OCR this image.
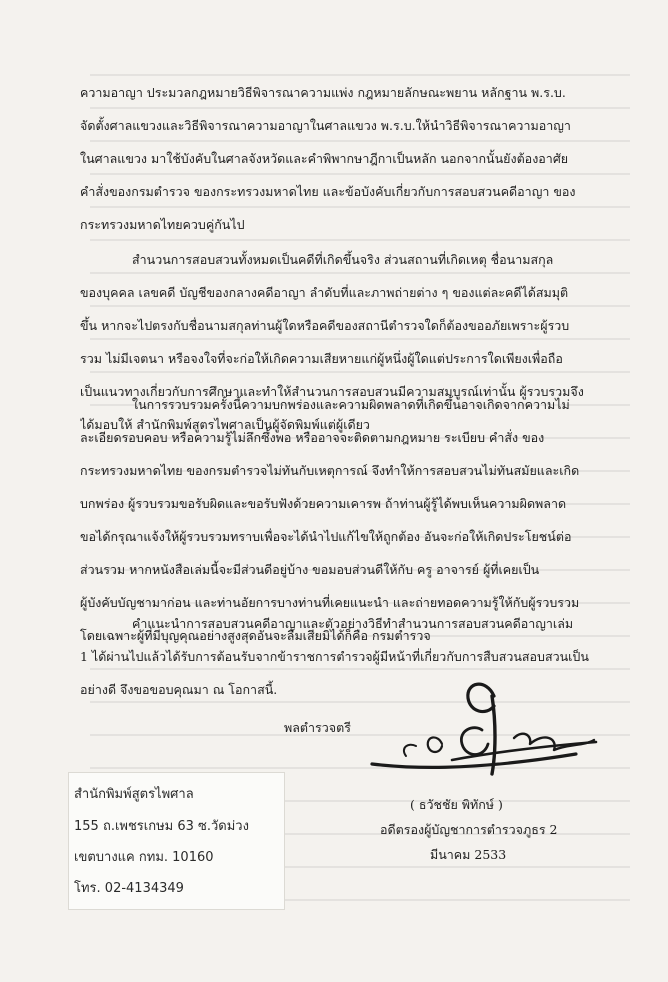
ความอาญา ประมวลกฎหมายวิธีพิจารณาความแพ่ง กฎหมายลักษณะพยาน หลักฐาน พ.ร.บ.
จัดตั้งศาลแขวงและวิธีพิจารณาความอาญาในศาลแขวง พ.ร.บ.ให้นำวิธีพิจารณาความอาญา
ในศาลแขวง มาใช้บังคับในศาลจังหวัดและคำพิพากษาฎีกาเป็นหลัก นอกจากนั้นยังต้องอาศัย
คำสั่งของกรมตำรวจ ของกระทรวงมหาดไทย และข้อบังคับเกี่ยวกับการสอบสวนคดีอาญา ของ
กระทรวงมหาดไทยควบคู่กันไป

สำนวนการสอบสวนทั้งหมดเป็นคดีที่เกิดขึ้นจริง ส่วนสถานที่เกิดเหตุ ชื่อนามสกุล
ของบุคคล เลขคดี บัญชีของกลางคดีอาญา ลำดับที่และภาพถ่ายต่าง ๆ ของแต่ละคดีได้สมมุติ
ขึ้น หากจะไปตรงกับชื่อนามสกุลท่านผู้ใดหรือคดีของสถานีตำรวจใดก็ต้องขออภัยเพราะผู้รวบ
รวม ไม่มีเจตนา หรือจงใจที่จะก่อให้เกิดความเสียหายแก่ผู้หนึ่งผู้ใดแต่ประการใดเพียงเพื่อถือ
เป็นแนวทางเกี่ยวกับการศึกษาและทำให้สำนวนการสอบสวนมีความสมบูรณ์เท่านั้น ผู้รวบรวมจึง
ได้มอบให้ สำนักพิมพ์สูตรไพศาลเป็นผู้จัดพิมพ์แต่ผู้เดียว

ในการรวบรวมครั้งนี้ความบกพร่องและความผิดพลาดที่เกิดขึ้นอาจเกิดจากความไม่
ละเอียดรอบคอบ หรือความรู้ไม่ลึกซึ้งพอ หรืออาจจะติดตามกฎหมาย ระเบียบ คำสั่ง ของ
กระทรวงมหาดไทย ของกรมตำรวจไม่ทันกับเหตุการณ์ จึงทำให้การสอบสวนไม่ทันสมัยและเกิด
บกพร่อง ผู้รวบรวมขอรับผิดและขอรับฟังด้วยความเคารพ ถ้าท่านผู้รู้ได้พบเห็นความผิดพลาด
ขอได้กรุณาแจ้งให้ผู้รวบรวมทราบเพื่อจะได้นำไปแก้ไขให้ถูกต้อง อันจะก่อให้เกิดประโยชน์ต่อ
ส่วนรวม หากหนังสือเล่มนี้จะมีส่วนดีอยู่บ้าง ขอมอบส่วนดีให้กับ ครู อาจารย์ ผู้ที่เคยเป็น
ผู้บังคับบัญชามาก่อน และท่านอัยการบางท่านที่เคยแนะนำ และถ่ายทอดความรู้ให้กับผู้รวบรวม
โดยเฉพาะผู้ที่มีบุญคุณอย่างสูงสุดอันจะลืมเสียมิได้ก็คือ กรมตำรวจ

คำแนะนำการสอบสวนคดีอาญาและตัวอย่างวิธีทำสำนวนการสอบสวนคดีอาญาเล่ม
1 ได้ผ่านไปแล้วได้รับการต้อนรับจากข้าราชการตำรวจผู้มีหน้าที่เกี่ยวกับการสืบสวนสอบสวนเป็น
อย่างดี จึงขอขอบคุณมา ณ โอกาสนี้.

พลตำรวจตรี
( ธวัชชัย พิทักษ์ )
อดีตรองผู้บัญชาการตำรวจภูธร 2
มีนาคม 2533
สำนักพิมพ์สูตรไพศาล
155 ถ.เพชรเกษม 63 ซ.วัดม่วง
เขตบางแค กทม. 10160
โทร. 02-4134349
